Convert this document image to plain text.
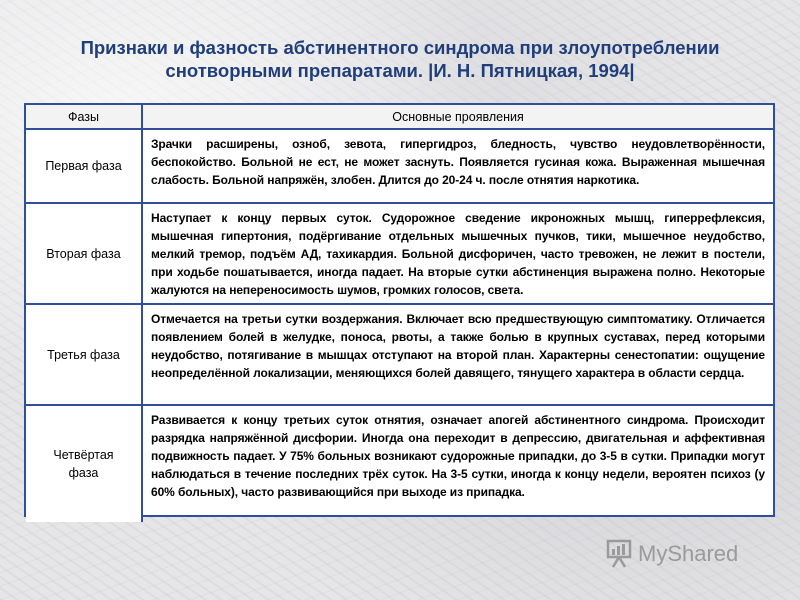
Признаки и фазность абстинентного синдрома при злоупотреблении
снотворными препаратами. |И. Н. Пятницкая, 1994|
Фазы	Основные проявления
Первая фаза	Зрачки расширены, озноб, зевота, гипергидроз, бледность, чувство неудовлетворённости, беспокойство. Больной не ест, не может заснуть. Появляется гусиная кожа. Выраженная мышечная слабость. Больной напряжён, злобен. Длится до 20-24 ч. после отнятия наркотика.
Вторая фаза	Наступает к концу первых суток. Судорожное сведение икроножных мышц, гиперрефлексия, мышечная гипертония, подёргивание отдельных мышечных пучков, тики, мышечное неудобство, мелкий тремор, подъём АД, тахикардия. Больной дисфоричен, часто тревожен, не лежит в постели, при ходьбе пошатывается, иногда падает. На вторые сутки абстиненция выражена полно. Некоторые жалуются на непереносимость шумов, громких голосов, света.
Третья фаза	Отмечается на третьи сутки воздержания. Включает всю предшествующую симптоматику. Отличается появлением болей в желудке, поноса, рвоты, а также болью в крупных суставах, перед которыми неудобство, потягивание в мышцах отступают на второй план. Характерны сенестопатии: ощущение неопределённой локализации, меняющихся болей давящего, тянущего характера в области сердца.
Четвёртая фаза	Развивается к концу третьих суток отнятия, означает апогей абстинентного синдрома. Происходит разрядка напряжённой дисфории. Иногда она переходит в депрессию, двигательная и аффективная подвижность падает. У 75% больных возникают судорожные припадки, до 3-5 в сутки. Припадки могут наблюдаться в течение последних трёх суток. На 3-5 сутки, иногда к концу недели, вероятен психоз (у 60% больных), часто развивающийся при выходе из припадка.
MyShared
